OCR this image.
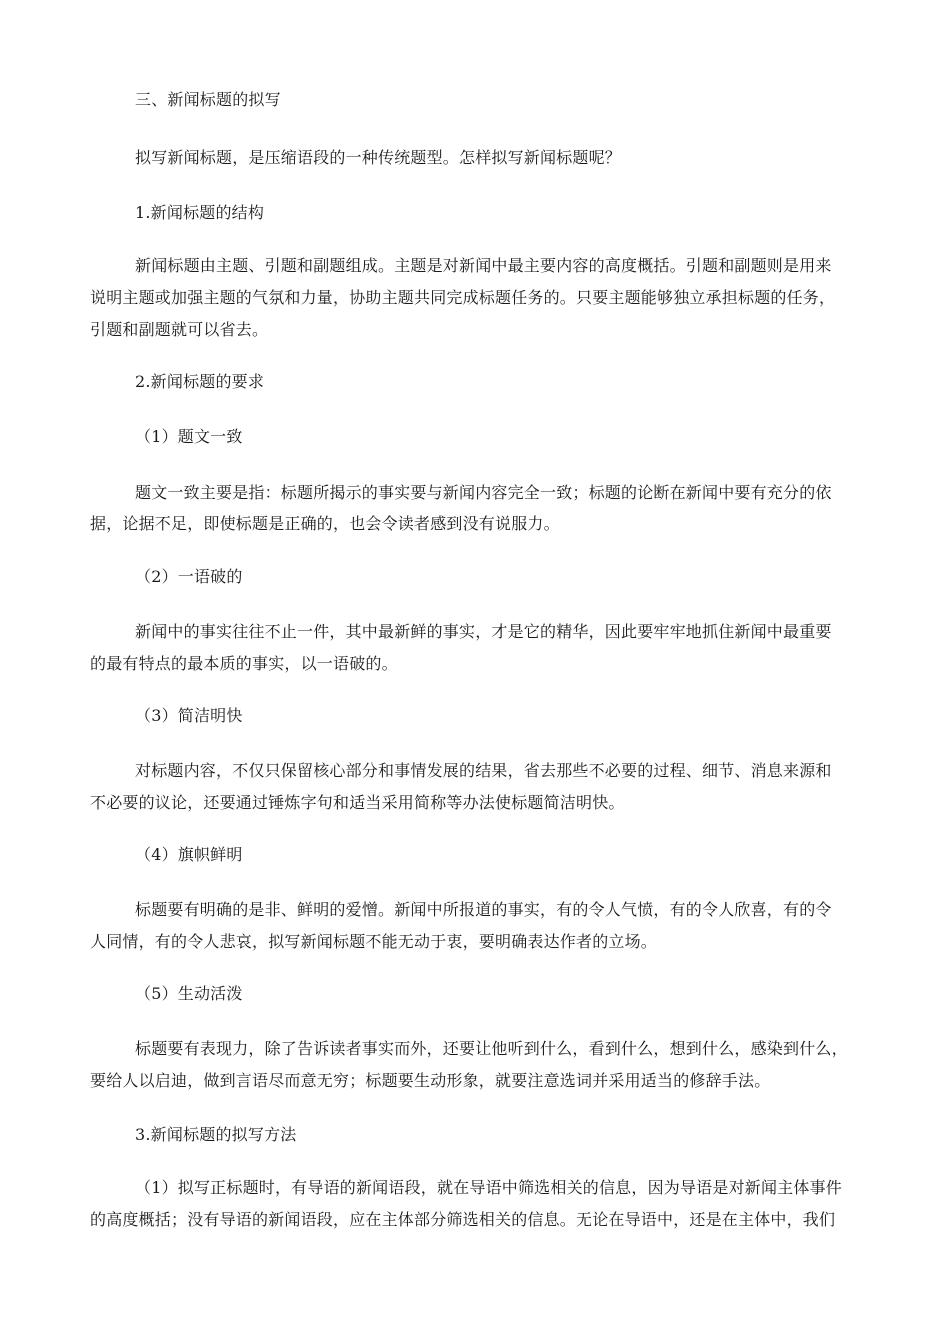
三、新闻标题的拟写
拟写新闻标题，是压缩语段的一种传统题型。怎样拟写新闻标题呢？
1.新闻标题的结构
新闻标题由主题、引题和副题组成。主题是对新闻中最主要内容的高度概括。引题和副题则是用来
说明主题或加强主题的气氛和力量，协助主题共同完成标题任务的。只要主题能够独立承担标题的任务，
引题和副题就可以省去。
2.新闻标题的要求
（1）题文一致
题文一致主要是指：标题所揭示的事实要与新闻内容完全一致；标题的论断在新闻中要有充分的依
据，论据不足，即使标题是正确的，也会令读者感到没有说服力。
（2）一语破的
新闻中的事实往往不止一件，其中最新鲜的事实，才是它的精华，因此要牢牢地抓住新闻中最重要
的最有特点的最本质的事实，以一语破的。
（3）简洁明快
对标题内容，不仅只保留核心部分和事情发展的结果，省去那些不必要的过程、细节、消息来源和
不必要的议论，还要通过锤炼字句和适当采用简称等办法使标题简洁明快。
（4）旗帜鲜明
标题要有明确的是非、鲜明的爱憎。新闻中所报道的事实，有的令人气愤，有的令人欣喜，有的令
人同情，有的令人悲哀，拟写新闻标题不能无动于衷，要明确表达作者的立场。
（5）生动活泼
标题要有表现力，除了告诉读者事实而外，还要让他听到什么，看到什么，想到什么，感染到什么，
要给人以启迪，做到言语尽而意无穷；标题要生动形象，就要注意选词并采用适当的修辞手法。
3.新闻标题的拟写方法
（1）拟写正标题时，有导语的新闻语段，就在导语中筛选相关的信息，因为导语是对新闻主体事件
的高度概括；没有导语的新闻语段，应在主体部分筛选相关的信息。无论在导语中，还是在主体中，我们
